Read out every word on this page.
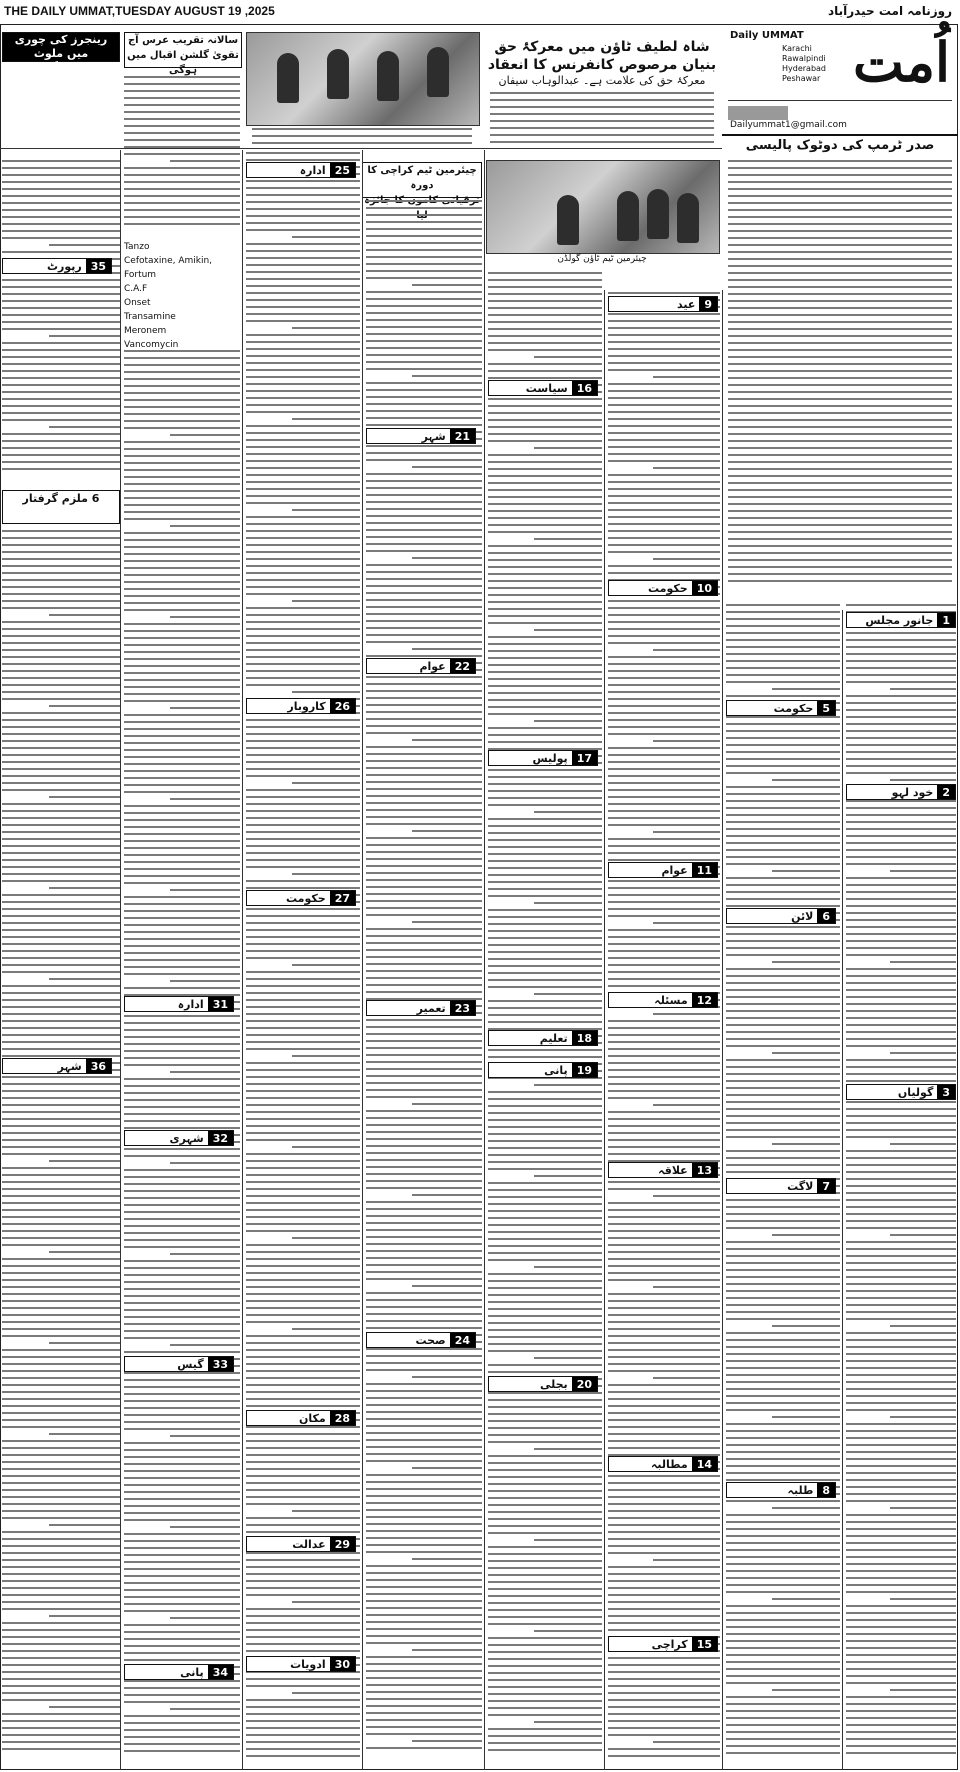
THE DAILY UMMAT,TUESDAY AUGUST 19 ,2025	روزنامہ امت حیدرآباد
اُمت
Daily UMMAT
Karachi
Rawalpindi
Hyderabad
Peshawar
Dailyummat1@gmail.com
صدر ٹرمپ کی دوٹوک پالیسی
شاہ لطیف ٹاؤن میں معرکۂ حق بنیان مرصوص کانفرنس کا انعقاد
معرکۂ حق کی علامت ہے۔ عبدالوہاب سیفان
چیئرمین ٹیم ٹاؤن گولڈن
رینجرز کی چوری میں ملوث
6 ملزم گرفتار
سالانہ تقریب عرس آج
تقویٰ گلشن اقبال میں ہوگی
چیئرمین ٹیم کراچی کا دورہ
6 ملزم گرفتار
Tanzo
Cefotaxine, Amikin, Fortum
C.A.F
Onset
Transamine
Meronem
Vancomycin
1
جانور مجلس
2
خود لہو
3
گولیاں
5
حکومت
6
لائن
7
لاگت
8
طلبہ
9
عید
10
حکومت
11
عوام
12
مسئلہ
13
علاقہ
14
مطالبہ
15
کراچی
16
سیاست
17
پولیس
18
تعلیم
19
پانی
20
بجلی
21
شہر
22
عوام
23
تعمیر
24
صحت
25
ادارہ
26
کاروبار
27
حکومت
28
مکان
29
عدالت
30
ادویات
31
ادارہ
32
شہری
33
گیس
34
پانی
35
رپورٹ
36
شہر
